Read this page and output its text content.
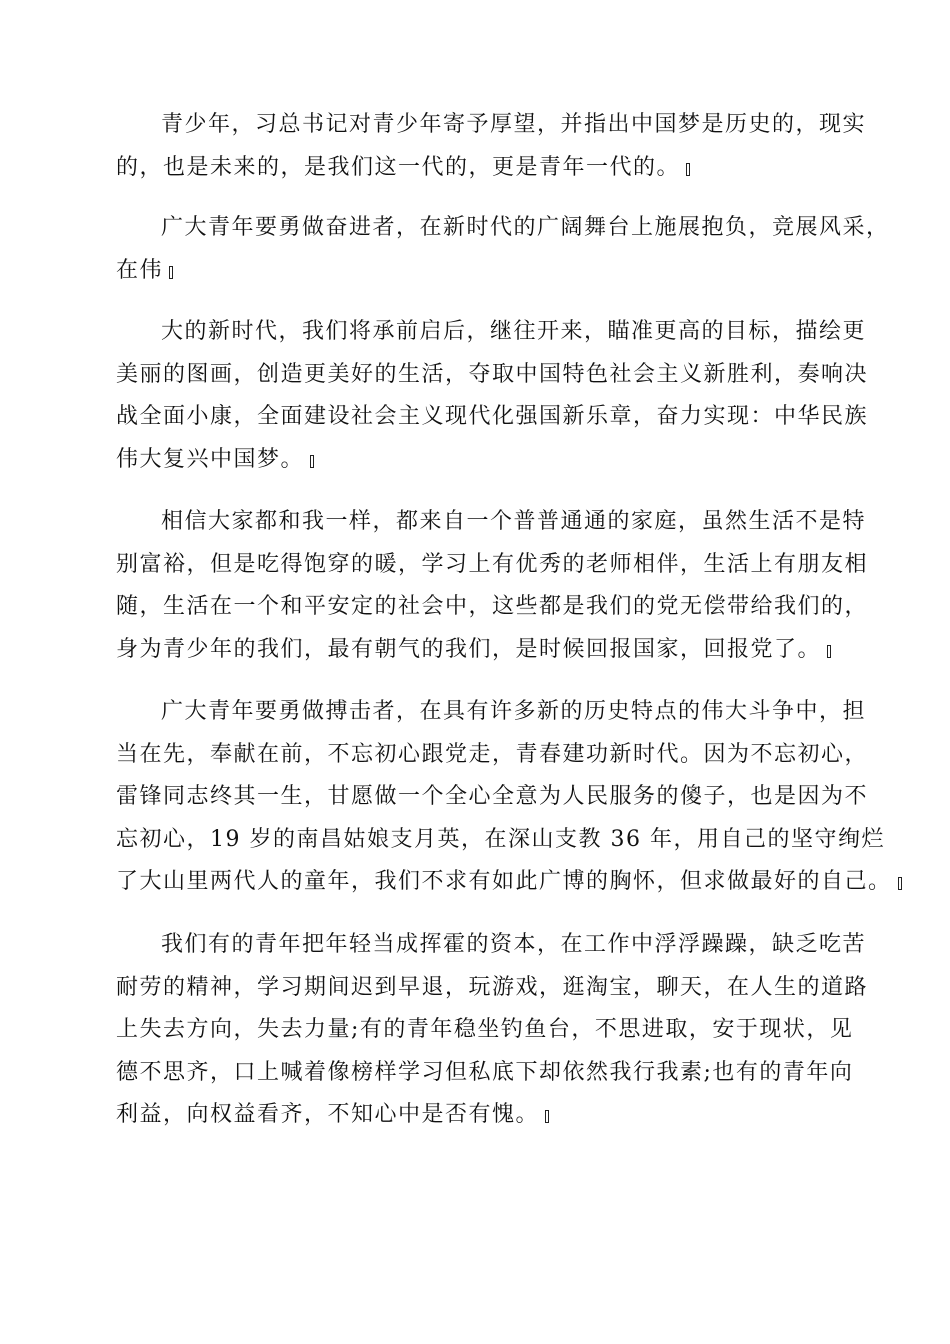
青少年，习总书记对青少年寄予厚望，并指出中国梦是历史的，现实
的，也是未来的，是我们这一代的，更是青年一代的。
广大青年要勇做奋进者，在新时代的广阔舞台上施展抱负，竞展风采，
在伟
大的新时代，我们将承前启后，继往开来，瞄准更高的目标，描绘更
美丽的图画，创造更美好的生活，夺取中国特色社会主义新胜利，奏响决
战全面小康，全面建设社会主义现代化强国新乐章，奋力实现：中华民族
伟大复兴中国梦。
相信大家都和我一样，都来自一个普普通通的家庭，虽然生活不是特
别富裕，但是吃得饱穿的暖，学习上有优秀的老师相伴，生活上有朋友相
随，生活在一个和平安定的社会中，这些都是我们的党无偿带给我们的，
身为青少年的我们，最有朝气的我们，是时候回报国家，回报党了。
广大青年要勇做搏击者，在具有许多新的历史特点的伟大斗争中，担
当在先，奉献在前，不忘初心跟党走，青春建功新时代。因为不忘初心，
雷锋同志终其一生，甘愿做一个全心全意为人民服务的傻子，也是因为不
忘初心，19 岁的南昌姑娘支月英，在深山支教 36 年，用自己的坚守绚烂
了大山里两代人的童年，我们不求有如此广博的胸怀，但求做最好的自己。
我们有的青年把年轻当成挥霍的资本，在工作中浮浮躁躁，缺乏吃苦
耐劳的精神，学习期间迟到早退，玩游戏，逛淘宝，聊天，在人生的道路
上失去方向，失去力量;有的青年稳坐钓鱼台，不思进取，安于现状，见
德不思齐，口上喊着像榜样学习但私底下却依然我行我素;也有的青年向
利益，向权益看齐，不知心中是否有愧。
